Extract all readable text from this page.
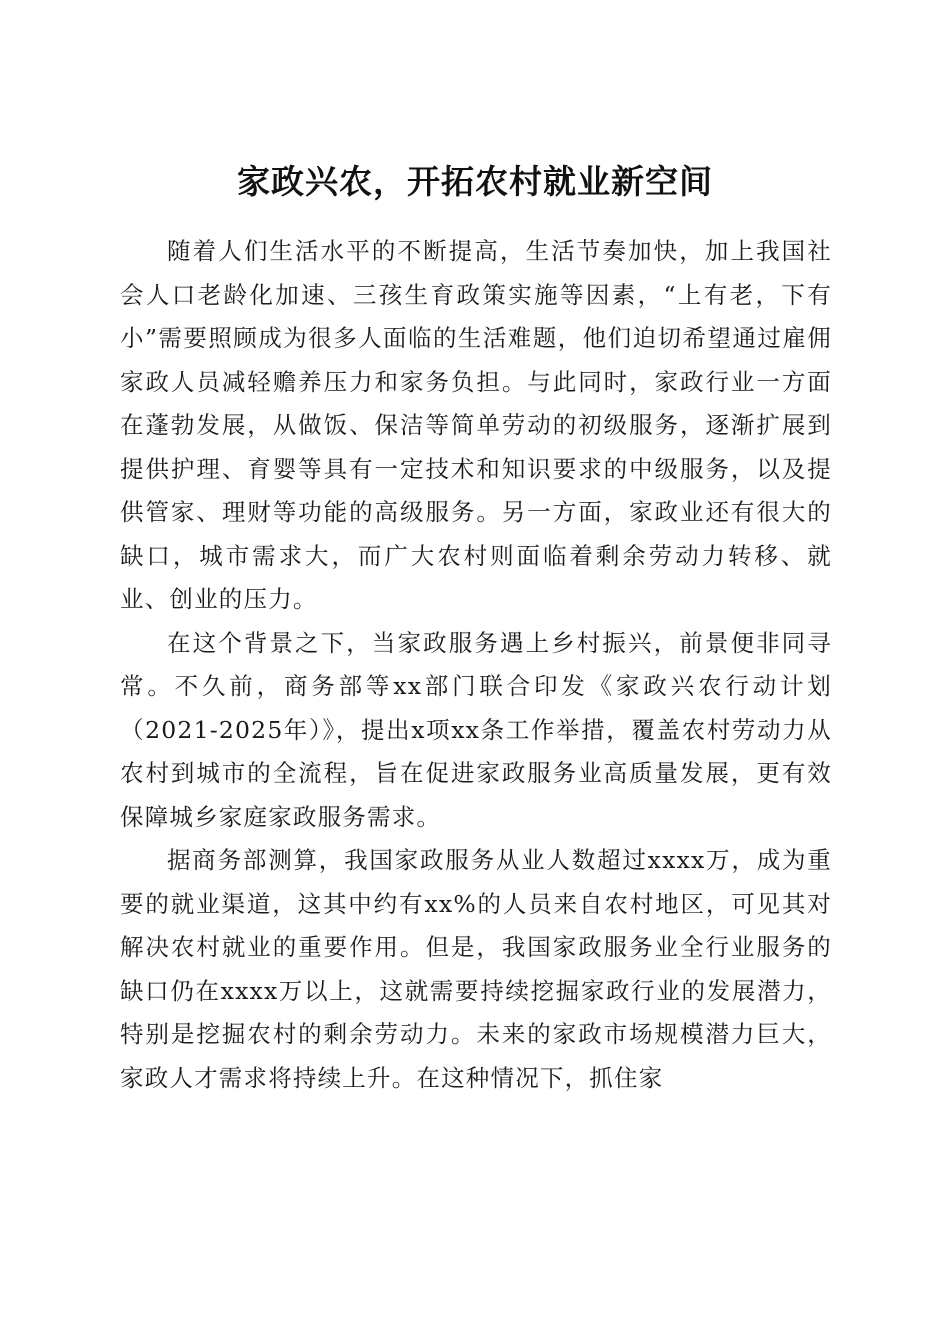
家政兴农，开拓农村就业新空间

随着人们生活水平的不断提高，生活节奏加快，加上我国社会人口老龄化加速、三孩生育政策实施等因素，“上有老，下有小”需要照顾成为很多人面临的生活难题，他们迫切希望通过雇佣家政人员减轻赡养压力和家务负担。与此同时，家政行业一方面在蓬勃发展，从做饭、保洁等简单劳动的初级服务，逐渐扩展到提供护理、育婴等具有一定技术和知识要求的中级服务，以及提供管家、理财等功能的高级服务。另一方面，家政业还有很大的缺口，城市需求大，而广大农村则面临着剩余劳动力转移、就业、创业的压力。

在这个背景之下，当家政服务遇上乡村振兴，前景便非同寻常。不久前，商务部等xx部门联合印发《家政兴农行动计划（2021-2025年）》，提出x项xx条工作举措，覆盖农村劳动力从农村到城市的全流程，旨在促进家政服务业高质量发展，更有效保障城乡家庭家政服务需求。

据商务部测算，我国家政服务从业人数超过xxxx万，成为重要的就业渠道，这其中约有xx%的人员来自农村地区，可见其对解决农村就业的重要作用。但是，我国家政服务业全行业服务的缺口仍在xxxx万以上，这就需要持续挖掘家政行业的发展潜力，特别是挖掘农村的剩余劳动力。未来的家政市场规模潜力巨大，家政人才需求将持续上升。在这种情况下，抓住家
